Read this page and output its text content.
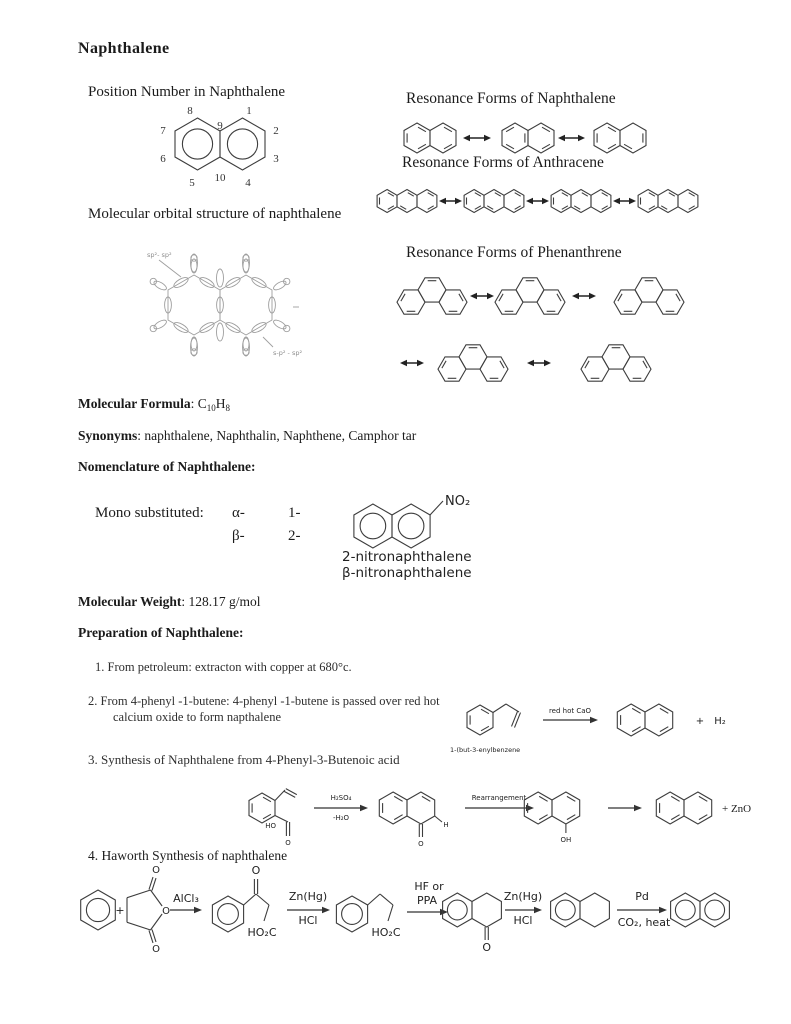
Naphthalene
Position Number in Naphthalene
1
2
3
4
5
6
7
8
9
10
Resonance Forms of Naphthalene
Resonance Forms of Anthracene
Molecular orbital structure of naphthalene
sp²- sp²
s-p² - sp²
Resonance Forms of Phenanthrene

Molecular Formula: $C_{10}H_8$

Synonyms: naphthalene, Naphthalin, Naphthene, Camphor tar

Nomenclature of Naphthalene:

Mono substituted: α-	1-
β-	2-
NO₂
2-nitronaphthalene
β-nitronaphthalene

Molecular Weight: 128.17 g/mol

Preparation of Naphthalene:

1. From petroleum: extracton with copper at 680°c.
2. From 4-phenyl -1-butene: 4-phenyl -1-butene is passed over red hot
calcium oxide to form napthalene
1-(but-3-enylbenzene
red hot CaO
+ H₂
3. Synthesis of Naphthalene from 4-Phenyl-3-Butenoic acid
O
HO
H₂SO₄
-H₂O
O
H
Rearrangement
OH
+ ZnO
4. Haworth Synthesis of naphthalene
+	O
O
O
AlCl₃
O
HO₂C
Zn(Hg)
HCl
HO₂C
HF or
PPA
O
Zn(Hg)
HCl
Pd
CO₂, heat
